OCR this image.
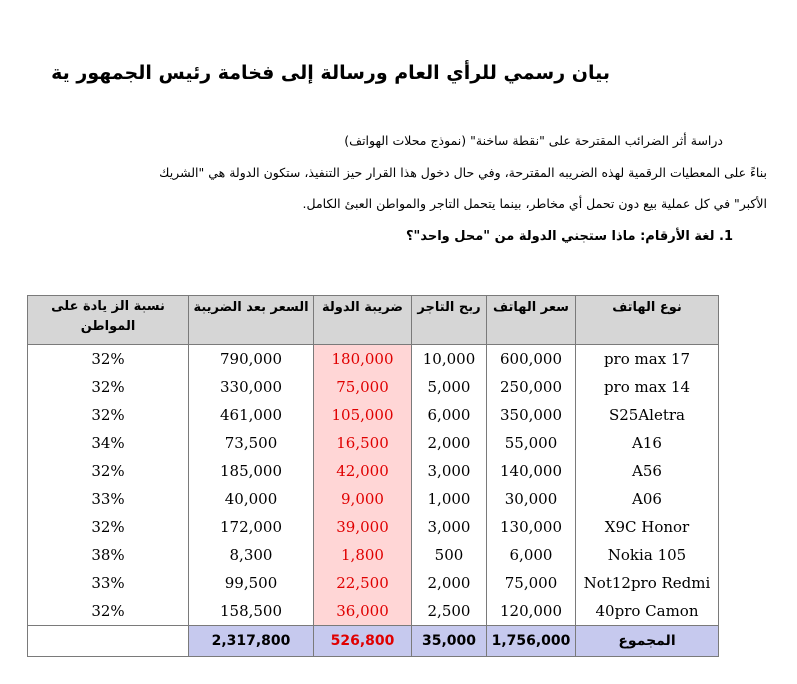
بيان رسمي للرأي العام ورسالة إلى فخامة رئيس الجمهور ية
دراسة أثر الضرائب المقترحة على "نقطة ساخنة" (نموذج محلات الهواتف)
بناءً على المعطيات الرقمية لهذه الضريبه المقترحة، وفي حال دخول هذا القرار حيز التنفيذ، ستكون الدولة هي "الشريك
الأكبر" في كل عملية بيع دون تحمل أي مخاطر، بينما يتحمل التاجر والمواطن العبئ الكامل.
1. لغة الأرقام: ماذا ستجني الدولة من "محل واحد"؟
نوع الهاتف	سعر الهاتف	ربح التاجر	ضريبة الدولة	السعر بعد الضريبة	نسبة الز يادة على المواطن
17 pro max	600,000	10,000	180,000	790,000	32%
14 pro max	250,000	5,000	75,000	330,000	32%
S25Aletra	350,000	6,000	105,000	461,000	32%
A16	55,000	2,000	16,500	73,500	34%
A56	140,000	3,000	42,000	185,000	32%
A06	30,000	1,000	9,000	40,000	33%
X9C Honor	130,000	3,000	39,000	172,000	32%
105 Nokia	6,000	500	1,800	8,300	38%
Not12pro Redmi	75,000	2,000	22,500	99,500	33%
40pro Camon	120,000	2,500	36,000	158,500	32%
المجموع	1,756,000	35,000	526,800	2,317,800	
